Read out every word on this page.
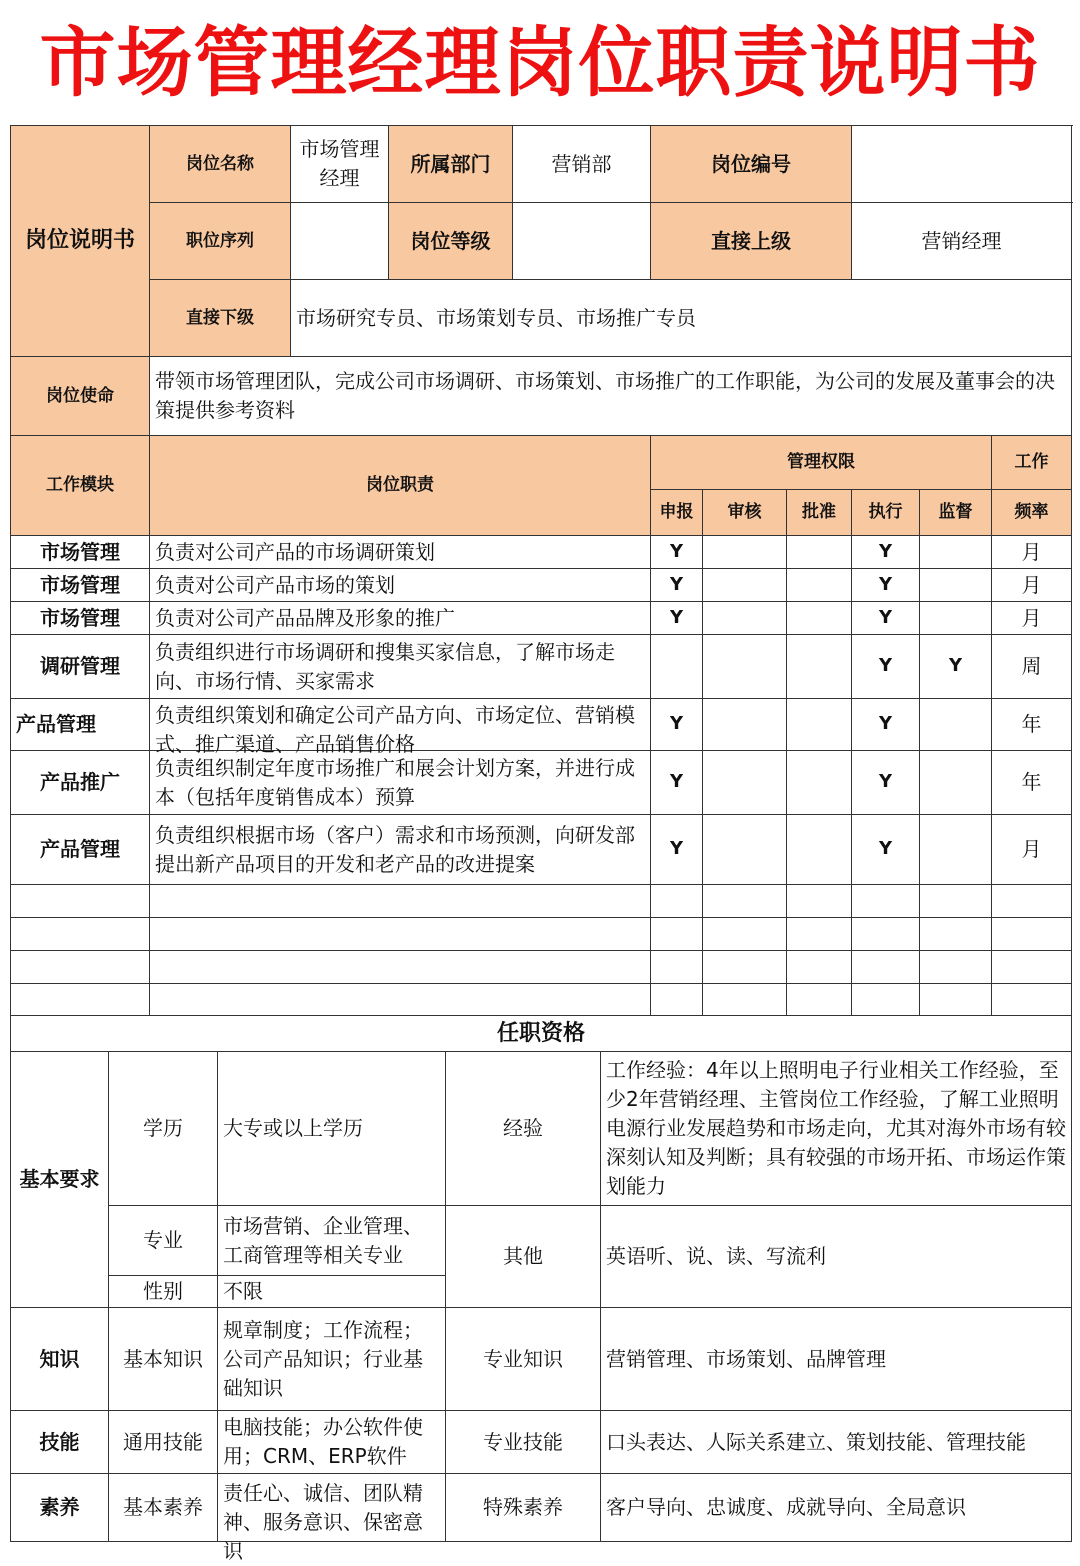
市场管理经理岗位职责说明书
岗位说明书	岗位名称	市场管理经理	所属部门	营销部	岗位编号					
	职位序列		岗位等级		直接上级			营销经理		
	直接下级	市场研究专员、市场策划专员、市场推广专员								
岗位使命	带领市场管理团队，完成公司市场调研、市场策划、市场推广的工作职能，为公司的发展及董事会的决策提供参考资料									

工作模块	岗位职责				管理权限					工作
					申报	审核	批准	执行	监督	频率
市场管理	负责对公司产品的市场调研策划				Y			Y		月
市场管理	负责对公司产品市场的策划				Y			Y		月
市场管理	负责对公司产品品牌及形象的推广				Y			Y		月
调研管理	负责组织进行市场调研和搜集买家信息，了解市场走向、市场行情、买家需求							Y	Y	周
产品管理	负责组织策划和确定公司产品方向、市场定位、营销模式、推广渠道、产品销售价格				Y			Y		年
产品推广	负责组织制定年度市场推广和展会计划方案，并进行成本（包括年度销售成本）预算				Y			Y		年
产品管理	负责组织根据市场（客户）需求和市场预测，向研发部提出新产品项目的开发和老产品的改进提案				Y			Y		月

任职资格				
基本要求	学历	大专或以上学历	经验	工作经验：4年以上照明电子行业相关工作经验，至少2年营销经理、主管岗位工作经验，了解工业照明电源行业发展趋势和市场走向，尤其对海外市场有较深刻认知及判断；具有较强的市场开拓、市场运作策划能力
	专业	市场营销、企业管理、工商管理等相关专业	其他	英语听、说、读、写流利
	性别	不限		
知识	基本知识	规章制度；工作流程；公司产品知识；行业基础知识	专业知识	营销管理、市场策划、品牌管理
技能	通用技能	电脑技能；办公软件使用；CRM、ERP软件	专业技能	口头表达、人际关系建立、策划技能、管理技能
素养	基本素养	责任心、诚信、团队精神、服务意识、保密意识	特殊素养	客户导向、忠诚度、成就导向、全局意识
